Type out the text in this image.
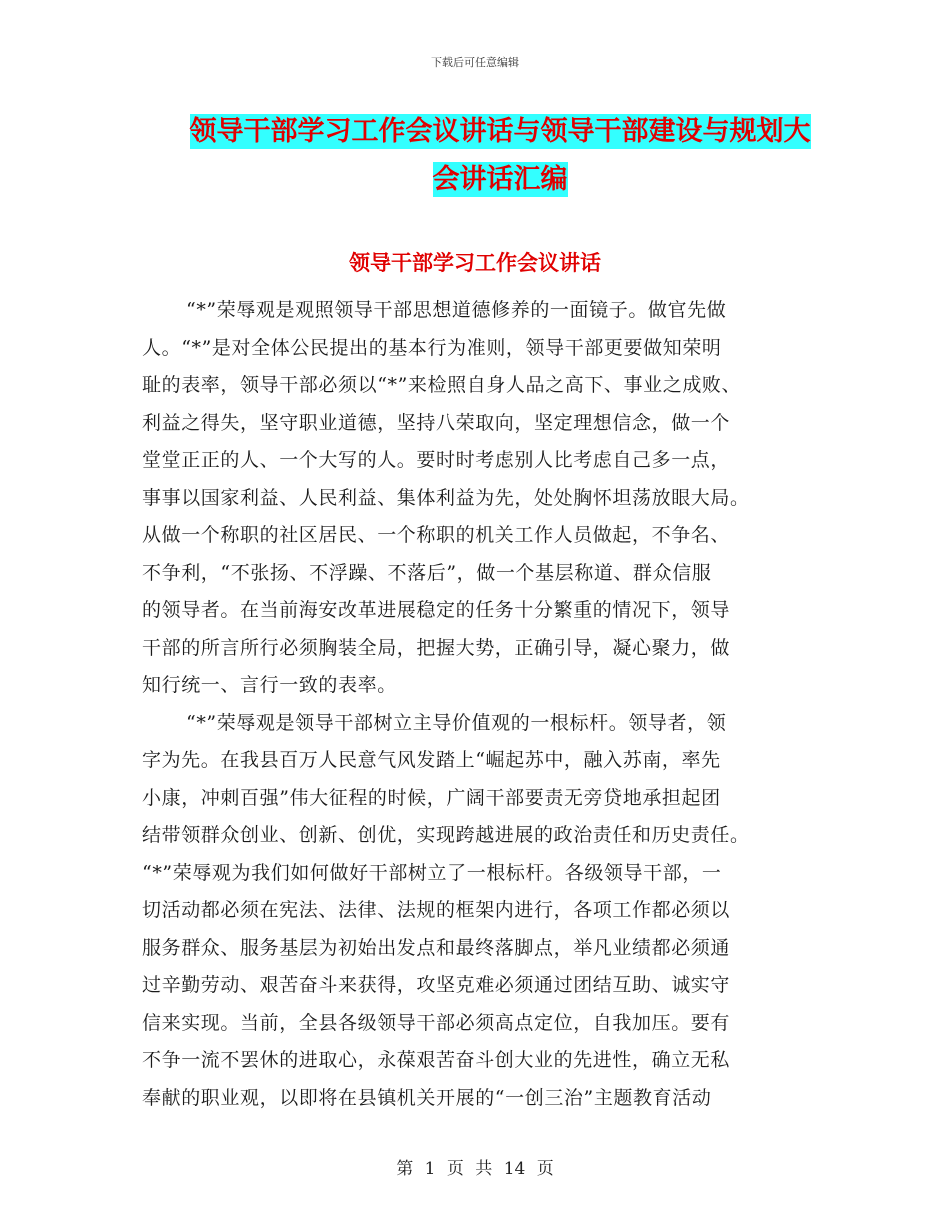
下载后可任意编辑
领导干部学习工作会议讲话与领导干部建设与规划大
会讲话汇编
领导干部学习工作会议讲话

“*”荣辱观是观照领导干部思想道德修养的一面镜子。做官先做
人。“*”是对全体公民提出的基本行为准则，领导干部更要做知荣明
耻的表率，领导干部必须以“*”来检照自身人品之高下、事业之成败、
利益之得失，坚守职业道德，坚持八荣取向，坚定理想信念，做一个
堂堂正正的人、一个大写的人。要时时考虑别人比考虑自己多一点，
事事以国家利益、人民利益、集体利益为先，处处胸怀坦荡放眼大局。
从做一个称职的社区居民、一个称职的机关工作人员做起，不争名、
不争利，“不张扬、不浮躁、不落后”，做一个基层称道、群众信服
的领导者。在当前海安改革进展稳定的任务十分繁重的情况下，领导
干部的所言所行必须胸装全局，把握大势，正确引导，凝心聚力，做
知行统一、言行一致的表率。

“*”荣辱观是领导干部树立主导价值观的一根标杆。领导者，领
字为先。在我县百万人民意气风发踏上“崛起苏中，融入苏南，率先
小康，冲刺百强”伟大征程的时候，广阔干部要责无旁贷地承担起团
结带领群众创业、创新、创优，实现跨越进展的政治责任和历史责任。
“*”荣辱观为我们如何做好干部树立了一根标杆。各级领导干部，一
切活动都必须在宪法、法律、法规的框架内进行，各项工作都必须以
服务群众、服务基层为初始出发点和最终落脚点，举凡业绩都必须通
过辛勤劳动、艰苦奋斗来获得，攻坚克难必须通过团结互助、诚实守
信来实现。当前，全县各级领导干部必须高点定位，自我加压。要有
不争一流不罢休的进取心，永葆艰苦奋斗创大业的先进性，确立无私
奉献的职业观，以即将在县镇机关开展的“一创三治”主题教育活动

第 1 页 共 14 页
